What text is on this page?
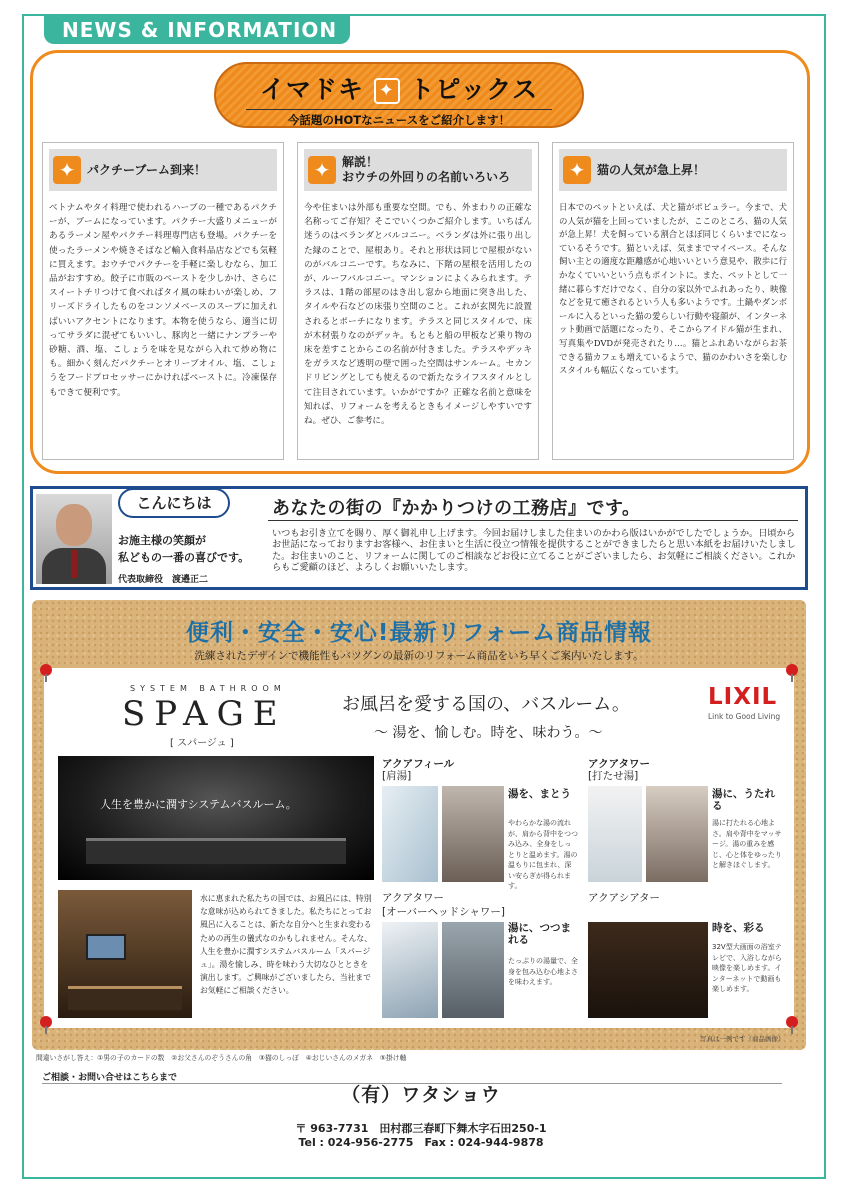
NEWS & INFORMATION
イマドキ ✦ トピックス
今話題のHOTなニュースをご紹介します！
✦ パクチーブーム到来！
ベトナムやタイ料理で使われるハーブの一種であるパクチーが、ブームになっています。パクチー大盛りメニューがあるラーメン屋やパクチー料理専門店も登場。パクチーを使ったラーメンや焼きそばなど輸入食料品店などでも気軽に買えます。おウチでパクチーを手軽に楽しむなら、加工品がおすすめ。餃子に市販のペーストを少しかけ、さらにスイートチリつけて食べればタイ風の味わいが楽しめ、フリーズドライしたものをコンソメベースのスープに加えればいいアクセントになります。本物を使うなら、適当に切ってサラダに混ぜてもいいし、豚肉と一緒にナンプラーや砂糖、酒、塩、こしょうを味を見ながら入れて炒め物にも。細かく刻んだパクチーとオリーブオイル、塩、こしょうをフードプロセッサーにかければペーストに。冷凍保存もできて便利です。
✦ 解説！
おウチの外回りの名前いろいろ
今や住まいは外部も重要な空間。でも、外まわりの正確な名称ってご存知？そこでいくつかご紹介します。いちばん迷うのはベランダとバルコニー。ベランダは外に張り出した縁のことで、屋根あり。それと形状は同じで屋根がないのがバルコニーです。ちなみに、下階の屋根を活用したのが、ルーフバルコニー。マンションによくみられます。テラスは、1階の部屋のはき出し窓から地面に突き出した、タイルや石などの床張り空間のこと。これが玄関先に設置されるとポーチになります。テラスと同じスタイルで、床が木材張りなのがデッキ。もともと船の甲板など乗り物の床を差すことからこの名前が付きました。テラスやデッキをガラスなど透明の壁で囲った空間はサンルーム。セカンドリビングとしても使えるので新たなライフスタイルとして注目されています。いかがですか？正確な名前と意味を知れば、リフォームを考えるときもイメージしやすいですね。ぜひ、ご参考に。
✦ 猫の人気が急上昇！
日本でのペットといえば、犬と猫がポピュラー。今まで、犬の人気が猫を上回っていましたが、ここのところ、猫の人気が急上昇！犬を飼っている割合とほぼ同じくらいまでになっているそうです。猫といえば、気ままでマイペース。そんな飼い主との適度な距離感が心地いいという意見や、散歩に行かなくていいという点もポイントに。また、ペットとして一緒に暮らすだけでなく、自分の家以外でふれあったり、映像などを見て癒されるという人も多いようです。土鍋やダンボールに入るといった猫の愛らしい行動や寝顔が、インターネット動画で話題になったり、そこからアイドル猫が生まれ、写真集やDVDが発売されたり…。猫とふれあいながらお茶できる猫カフェも増えているようで、猫のかわいさを楽しむスタイルも幅広くなっています。
こんにちは
お施主様の笑顔が
私どもの一番の喜びです。
代表取締役　渡邉正二
あなたの街の『かかりつけの工務店』です。
いつもお引き立てを賜り、厚く御礼申し上げます。今回お届けしました住まいのかわら版はいかがでしたでしょうか。日頃からお世話になっておりますお客様へ、お住まいと生活に役立つ情報を提供することができましたらと思い本紙をお届けいたしました。お住まいのこと、リフォームに関してのご相談などお役に立てることがございましたら、お気軽にご相談ください。これからもご愛顧のほど、よろしくお願いいたします。
便利・安全・安心!最新リフォーム商品情報
洗練されたデザインで機能性もバツグンの最新のリフォーム商品をいち早くご案内いたします。
SYSTEM BATHROOM
SPAGE
[ スパージュ ]
お風呂を愛する国の、バスルーム。
～ 湯を、愉しむ。時を、味わう。～
LIXIL
Link to Good Living
人生を豊かに潤すシステムバスルーム。
水に恵まれた私たちの国では、お風呂には、特別な意味が込められてきました。私たちにとってお風呂に入ることは、新たな自分へと生まれ変わるための再生の儀式なのかもしれません。そんな、人生を豊かに潤すシステムバスルーム「スパージュ」。湯を愉しみ、時を味わう大切なひとときを演出します。ご興味がございましたら、当社までお気軽にご相談ください。
アクアフィール
[肩湯]
湯を、まとう
やわらかな湯の流れが、肩から背中をつつみ込み、全身をしっとりと温めます。湯の温もりに包まれ、深い安らぎが得られます。
アクアタワー
[打たせ湯]
湯に、うたれる
湯に打たれる心地よさ。肩や背中をマッサージ。湯の重みを感じ、心と体をゆったりと解きほぐします。
アクアタワー
[オーバーヘッドシャワー]
湯に、つつまれる
たっぷりの湯量で、全身を包み込む心地よさを味わえます。
アクアシアター
時を、彩る
32V型大画面の浴室テレビで、入浴しながら映像を楽しめます。インターネットで動画も楽しめます。
写真は一例です（商品画像）
間違いさがし答え：①男の子のカードの数　②お父さんのぞうさんの角　③猫のしっぽ　④おじいさんのメガネ　⑤掛け軸
ご相談・お問い合せはこちらまで
（有）ワタショウ
〒 963-7731　田村郡三春町下舞木字石田250-1
Tel : 024-956-2775　Fax : 024-944-9878
